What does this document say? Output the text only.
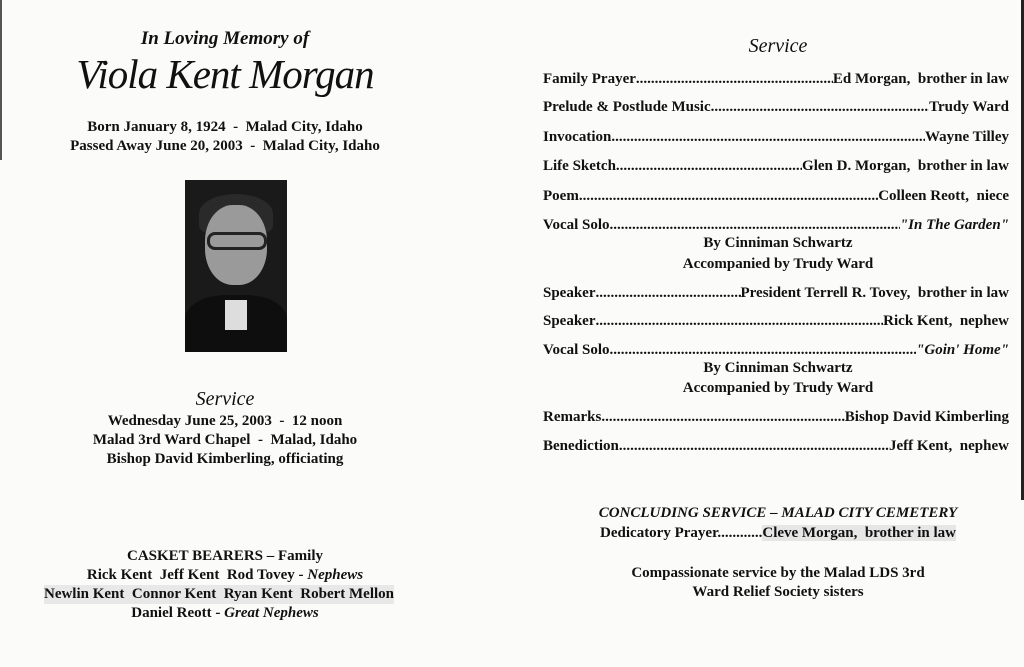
In Loving Memory of
Viola Kent Morgan
Born January 8, 1924  -  Malad City, Idaho
Passed Away June 20, 2003  -  Malad City, Idaho
Service
Wednesday June 25, 2003  -  12 noon
Malad 3rd Ward Chapel  -  Malad, Idaho
Bishop David Kimberling, officiating
CASKET BEARERS – Family
Rick Kent  Jeff Kent  Rod Tovey - Nephews
Newlin Kent  Connor Kent  Ryan Kent  Robert Mellon
Daniel Reott - Great Nephews
Service
Family Prayer .....	Ed Morgan,  brother in law
Prelude & Postlude Music .....	Trudy Ward
Invocation .....	Wayne Tilley
Life Sketch .....	Glen D. Morgan,  brother in law
Poem .....	Colleen Reott,  niece
Vocal Solo .....	"In The Garden"
By Cinniman Schwartz
Accompanied by Trudy Ward
Speaker .....	President Terrell R. Tovey,  brother in law
Speaker .....	Rick Kent,  nephew
Vocal Solo .....	"Goin' Home"
By Cinniman Schwartz
Accompanied by Trudy Ward
Remarks .....	Bishop David Kimberling
Benediction .....	Jeff Kent,  nephew
CONCLUDING SERVICE – MALAD CITY CEMETERY
Dedicatory Prayer............Cleve Morgan,  brother in law
Compassionate service by the Malad LDS 3rd
Ward Relief Society sisters
